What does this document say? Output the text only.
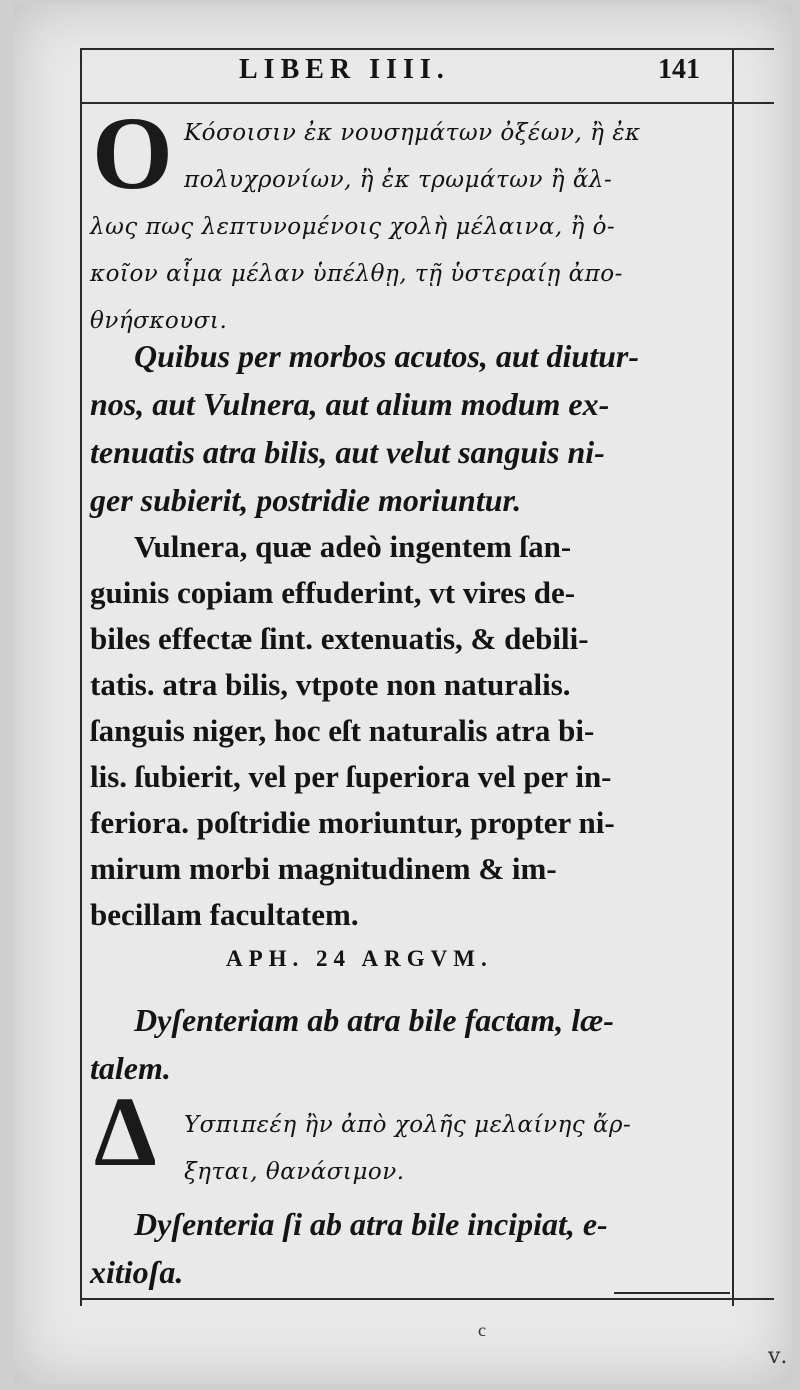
LIBER IIII.	141
O Κόσοισιν ἐκ νουσημάτων ὀξέων, ἢ ἐκ
πολυχρονίων, ἢ ἐκ τρωμάτων ἢ ἄλ-
λως πως λεπτυνομένοις χολὴ μέλαινα, ἢ ὁ-
κοῖον αἷμα μέλαν ὑπέλθῃ, τῇ ὑστεραίῃ ἀπο-
θνήσκουσι.
Quibus per morbos acutos, aut diutur-
nos, aut Vulnera, aut alium modum ex-
tenuatis atra bilis, aut velut sanguis ni-
ger subierit, postridie moriuntur.
Vulnera, quæ adeò ingentem ſan-
guinis copiam effuderint, vt vires de-
biles effectæ ſint. extenuatis, & debili-
tatis. atra bilis, vtpote non naturalis.
ſanguis niger, hoc eſt naturalis atra bi-
lis. ſubierit, vel per ſuperiora vel per in-
feriora. poſtridie moriuntur, propter ni-
mirum morbi magnitudinem & im-
becillam facultatem.
APH. 24 ARGVM.
Dyſenteriam ab atra bile factam, læ-
talem.
Δ Υσπιπεέη ἢν ἀπὸ χολῆς μελαίνης ἄρ-
ξηται, θανάσιμον.
Dyſenteria ſi ab atra bile incipiat, e-
xitioſa.
c
ⅴ.
